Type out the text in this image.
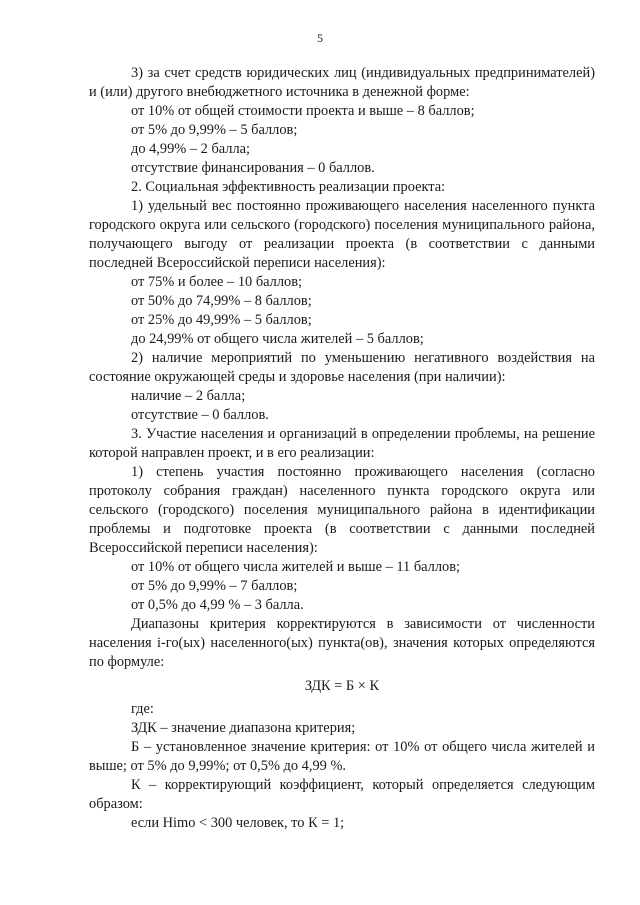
5

3) за счет средств юридических лиц (индивидуальных предпринимателей) и (или) другого внебюджетного источника в денежной форме:

от 10% от общей стоимости проекта и выше – 8 баллов;

от 5% до 9,99% – 5 баллов;

до 4,99% – 2 балла;

отсутствие финансирования – 0 баллов.

2. Социальная эффективность реализации проекта:

1) удельный вес постоянно проживающего населения населенного пункта городского округа или сельского (городского) поселения муниципального района, получающего выгоду от реализации проекта (в соответствии с данными последней Всероссийской переписи населения):

от 75% и более – 10 баллов;

от 50% до 74,99% – 8 баллов;

от 25% до 49,99% – 5 баллов;

до 24,99% от общего числа жителей – 5 баллов;

2) наличие мероприятий по уменьшению негативного воздействия на состояние окружающей среды и здоровье населения (при наличии):

наличие – 2 балла;

отсутствие – 0 баллов.

3. Участие населения и организаций в определении проблемы, на решение которой направлен проект, и в его реализации:

1) степень участия постоянно проживающего населения (согласно протоколу собрания граждан) населенного пункта городского округа или сельского (городского) поселения муниципального района в идентификации проблемы и подготовке проекта (в соответствии с данными последней Всероссийской переписи населения):

от 10% от общего числа жителей и выше – 11 баллов;

от 5% до 9,99% – 7 баллов;

от 0,5% до 4,99 % – 3 балла.

Диапазоны критерия корректируются в зависимости от численности населения i-го(ых) населенного(ых) пункта(ов), значения которых определяются по формуле:

ЗДК = Б × К

где:

ЗДК – значение диапазона критерия;

Б – установленное значение критерия: от 10% от общего числа жителей и выше; от 5% до 9,99%; от 0,5% до 4,99 %.

К – корректирующий коэффициент, который определяется следующим образом:

если Нimo < 300 человек, то К = 1;
